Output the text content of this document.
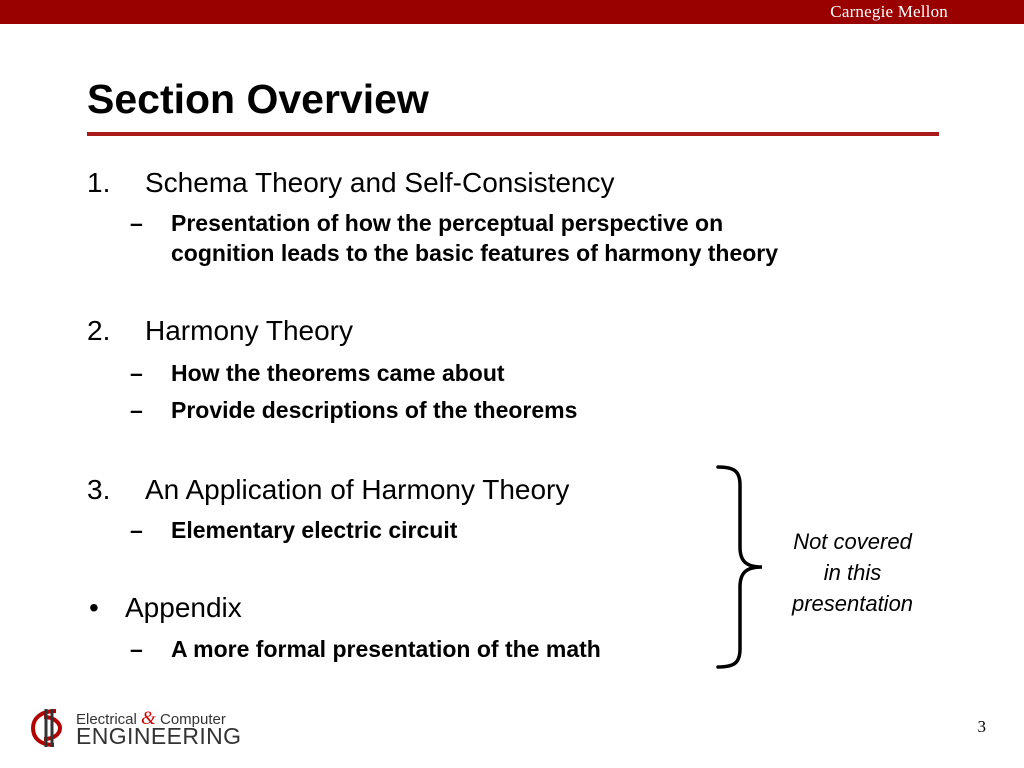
Carnegie Mellon
Section Overview
1. Schema Theory and Self-Consistency
– Presentation of how the perceptual perspective on
cognition leads to the basic features of harmony theory
2. Harmony Theory
– How the theorems came about
– Provide descriptions of the theorems
3. An Application of Harmony Theory
– Elementary electric circuit
• Appendix
– A more formal presentation of the math
Not covered
in this
presentation
Electrical & Computer
ENGINEERING	3
